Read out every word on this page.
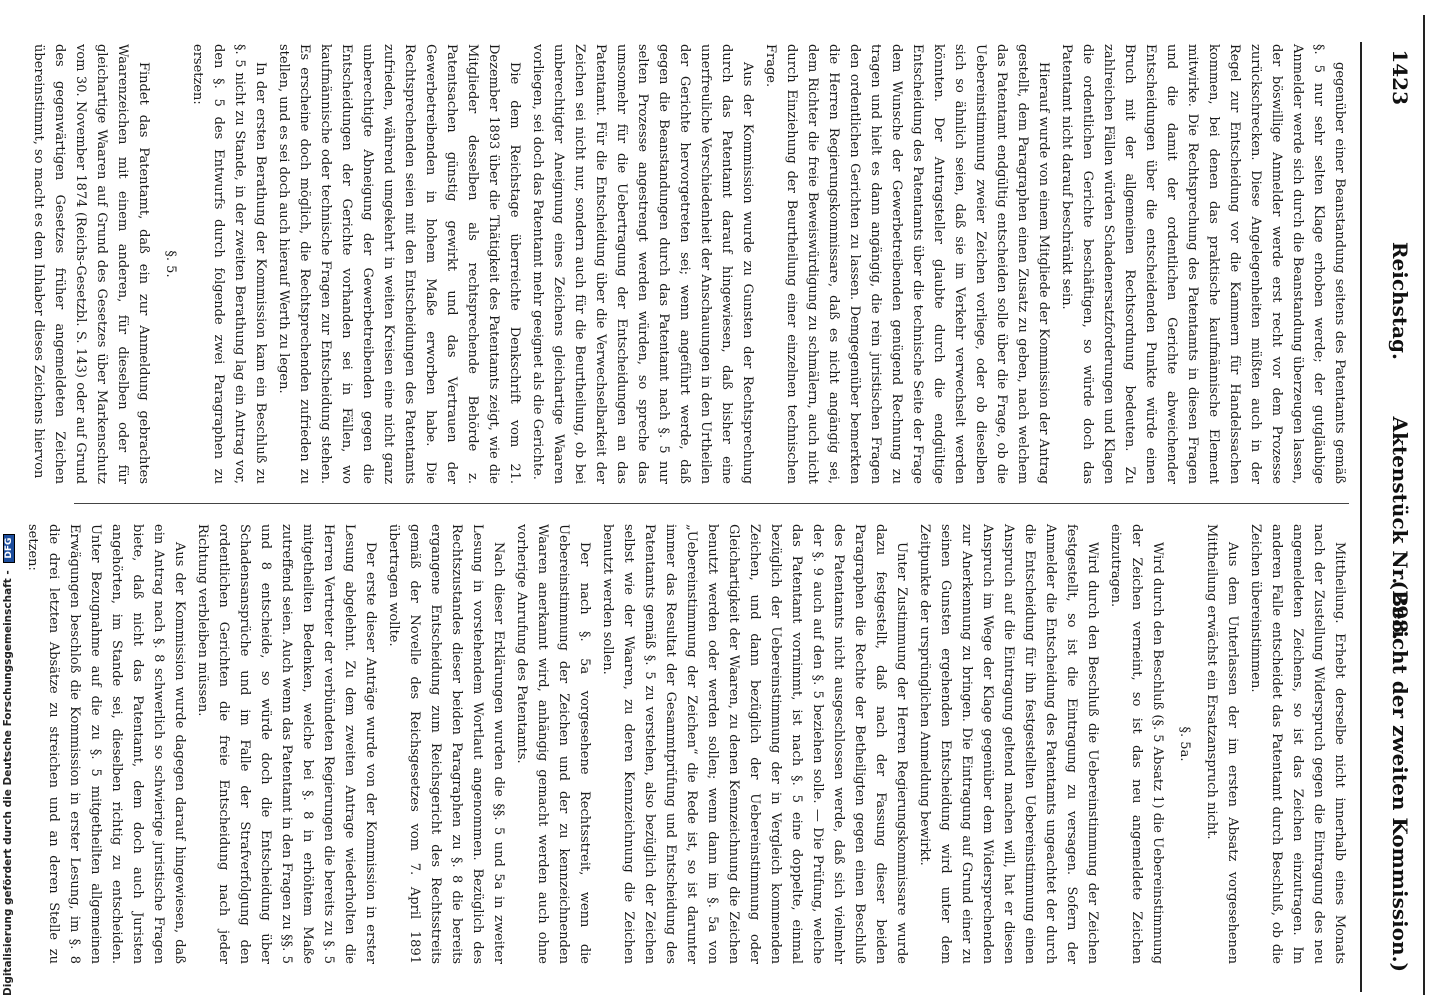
Reichstag.
Aktenstück Nr. 298.
(Bericht der zweiten Kommission.)
1423

gegenüber einer Beanstandung seitens des Patentamts gemäß §. 5 nur sehr selten Klage erhoben werde; der gutgläubige Anmelder werde sich durch die Beanstandung überzeugen lassen, der böswillige Anmelder werde erst recht vor dem Prozesse zurückschrecken. Diese Angelegenheiten müßten auch in der Regel zur Entscheidung vor die Kammern für Handelssachen kommen, bei denen das praktische kaufmännische Element mitwirke. Die Rechtsprechung des Patentamts in diesen Fragen und die damit der ordentlichen Gerichte abweichender Entscheidungen über die entscheidenden Punkte würde einen Bruch mit der allgemeinen Rechtsordnung bedeuten. Zu zahlreichen Fällen würden Schadenersatzforderungen und Klagen die ordentlichen Gerichte beschäftigen, so würde doch das Patentamt nicht darauf beschränkt sein.

Hierauf wurde von einem Mitgliede der Kommission der Antrag gestellt, dem Paragraphen einen Zusatz zu geben, nach welchem das Patentamt endgültig entscheiden solle über die Frage, ob die Uebereinstimmung zweier Zeichen vorliege, oder ob dieselben sich so ähnlich seien, daß sie im Verkehr verwechselt werden könnten. Der Antragsteller glaubte durch die endgültige Entscheidung des Patentamts über die technische Seite der Frage dem Wunsche der Gewerbetreibenden genügend Rechnung zu tragen und hielt es dann angängig, die rein juristischen Fragen den ordentlichen Gerichten zu lassen. Demgegenüber bemerkten die Herren Regierungskommissare, daß es nicht angängig sei, dem Richter die freie Beweiswürdigung zu schmälern, auch nicht durch Einziehung der Beurtheilung einer einzelnen technischen Frage.

Aus der Kommission wurde zu Gunsten der Rechtsprechung durch das Patentamt darauf hingewiesen, daß bisher eine unerfreuliche Verschiedenheit der Anschauungen in den Urtheilen der Gerichte hervorgetreten sei; wenn angeführt werde, daß gegen die Beanstandungen durch das Patentamt nach §. 5 nur selten Prozesse angestrengt werden würden, so spreche das umsomehr für die Uebertragung der Entscheidungen an das Patentamt. Für die Entscheidung über die Verwechselbarkeit der Zeichen sei nicht nur, sondern auch für die Beurtheilung, ob bei unberechtigter Aneignung eines Zeichens gleichartige Waaren vorliegen, sei doch das Patentamt mehr geeignet als die Gerichte.

Die dem Reichstage überreichte Denkschrift vom 21. Dezember 1893 über die Thätigkeit des Patentamts zeigt, wie die Mitglieder desselben als rechtsprechende Behörde z. Patentsachen günstig gewirkt und das Vertrauen der Gewerbetreibenden in hohem Maße erworben habe. Die Rechtsprechenden seien mit den Entscheidungen des Patentamts zufrieden, während umgekehrt in weiten Kreisen eine nicht ganz unberechtigte Abneigung der Gewerbetreibenden gegen die Entscheidungen der Gerichte vorhanden sei in Fällen, wo kaufmännische oder technische Fragen zur Entscheidung stehen. Es erscheine doch möglich, die Rechtsprechenden zufrieden zu stellen, und es sei doch auch hierauf Werth zu legen.

In der ersten Berathung der Kommission kam ein Beschluß zu §. 5 nicht zu Stande, in der zweiten Berathung lag ein Antrag vor, den §. 5 des Entwurfs durch folgende zwei Paragraphen zu ersetzen:

§. 5.

Findet das Patentamt, daß ein zur Anmeldung gebrachtes Waarenzeichen mit einem anderen, für dieselben oder für gleichartige Waaren auf Grund des Gesetzes über Markenschutz vom 30. November 1874 (Reichs-Gesetzbl. S. 143) oder auf Grund des gegenwärtigen Gesetzes früher angemeldeten Zeichen übereinstimmt, so macht es dem Inhaber dieses Zeichens hiervon

Mittheilung. Erhebt derselbe nicht innerhalb eines Monats nach der Zustellung Widerspruch gegen die Eintragung des neu angemeldeten Zeichens, so ist das Zeichen einzutragen. Im anderen Falle entscheidet das Patentamt durch Beschluß, ob die Zeichen übereinstimmen.

Aus dem Unterlassen der im ersten Absatz vorgesehenen Mittheilung erwächst ein Ersatzanspruch nicht.

§. 5a.

Wird durch den Beschluß (§. 5 Absatz 1) die Uebereinstimmung der Zeichen verneint, so ist das neu angemeldete Zeichen einzutragen.

Wird durch den Beschluß die Uebereinstimmung der Zeichen festgestellt, so ist die Eintragung zu versagen. Sofern der Anmelder die Entscheidung des Patentamts ungeachtet der durch die Entscheidung für ihn festgestellten Uebereinstimmung einen Anspruch auf die Eintragung geltend machen will, hat er diesen Anspruch im Wege der Klage gegenüber dem Widersprechenden zur Anerkennung zu bringen. Die Eintragung auf Grund einer zu seinen Gunsten ergehenden Entscheidung wird unter dem Zeitpunkte der ursprünglichen Anmeldung bewirkt.

Unter Zustimmung der Herren Regierungskommissare wurde dazu festgestellt, daß nach der Fassung dieser beiden Paragraphen die Rechte der Betheiligten gegen einen Beschluß des Patentamts nicht ausgeschlossen werde, daß sich vielmehr der §. 9 auch auf den §. 5 beziehen solle. — Die Prüfung, welche das Patentamt vornimmt, ist nach §. 5 eine doppelte, einmal bezüglich der Uebereinstimmung der in Vergleich kommenden Zeichen, und dann bezüglich der Uebereinstimmung oder Gleichartigkeit der Waaren, zu denen Kennzeichnung die Zeichen benutzt werden oder werden sollen; wenn dann im §. 5a von „Uebereinstimmung der Zeichen“ die Rede ist, so ist darunter immer das Resultat der Gesammtprüfung und Entscheidung des Patentamts gemäß §. 5 zu verstehen, also bezüglich der Zeichen selbst wie der Waaren, zu deren Kennzeichnung die Zeichen benutzt werden sollen.

Der nach §. 5a vorgesehene Rechtsstreit, wenn die Uebereinstimmung der Zeichen und der zu kennzeichnenden Waaren anerkannt wird, anhängig gemacht werden auch ohne vorherige Anrufung des Patentamts.

Nach dieser Erklärungen wurden die §§. 5 und 5a in zweiter Lesung in vorstehendem Wortlaut angenommen. Bezüglich des Rechtszustandes dieser beiden Paragraphen zu §. 8 die bereits ergangene Entscheidung zum Reichsgericht des Rechtsstreits gemäß der Novelle des Reichsgesetzes vom 7. April 1891 übertragen wollte.

Der erste dieser Anträge wurde von der Kommission in erster Lesung abgelehnt. Zu dem zweiten Antrage wiederholten die Herren Vertreter der verbündeten Regierungen die bereits zu §. 5 mitgetheilten Bedenken, welche bei §. 8 in erhöhtem Maße zutreffend seien. Auch wenn das Patentamt in den Fragen zu §§. 5 und 8 entscheide, so würde doch die Entscheidung über Schadensansprüche und im Falle der Strafverfolgung den ordentlichen Gerichten die freie Entscheidung nach jeder Richtung verbleiben müssen.

Aus der Kommission wurde dagegen darauf hingewiesen, daß ein Antrag nach §. 8 schwerlich so schwierige juristische Fragen biete, daß nicht das Patentamt, dem doch auch Juristen angehörten, im Stande sei, dieselben richtig zu entscheiden. Unter Bezugnahme auf die zu §. 5 mitgetheilten allgemeinen Erwägungen beschloß die Kommission in erster Lesung, im §. 8 die drei letzten Absätze zu streichen und an deren Stelle zu setzen:

Digitalisierung gefördert durch die Deutsche Forschungsgemeinschaft - DFG
